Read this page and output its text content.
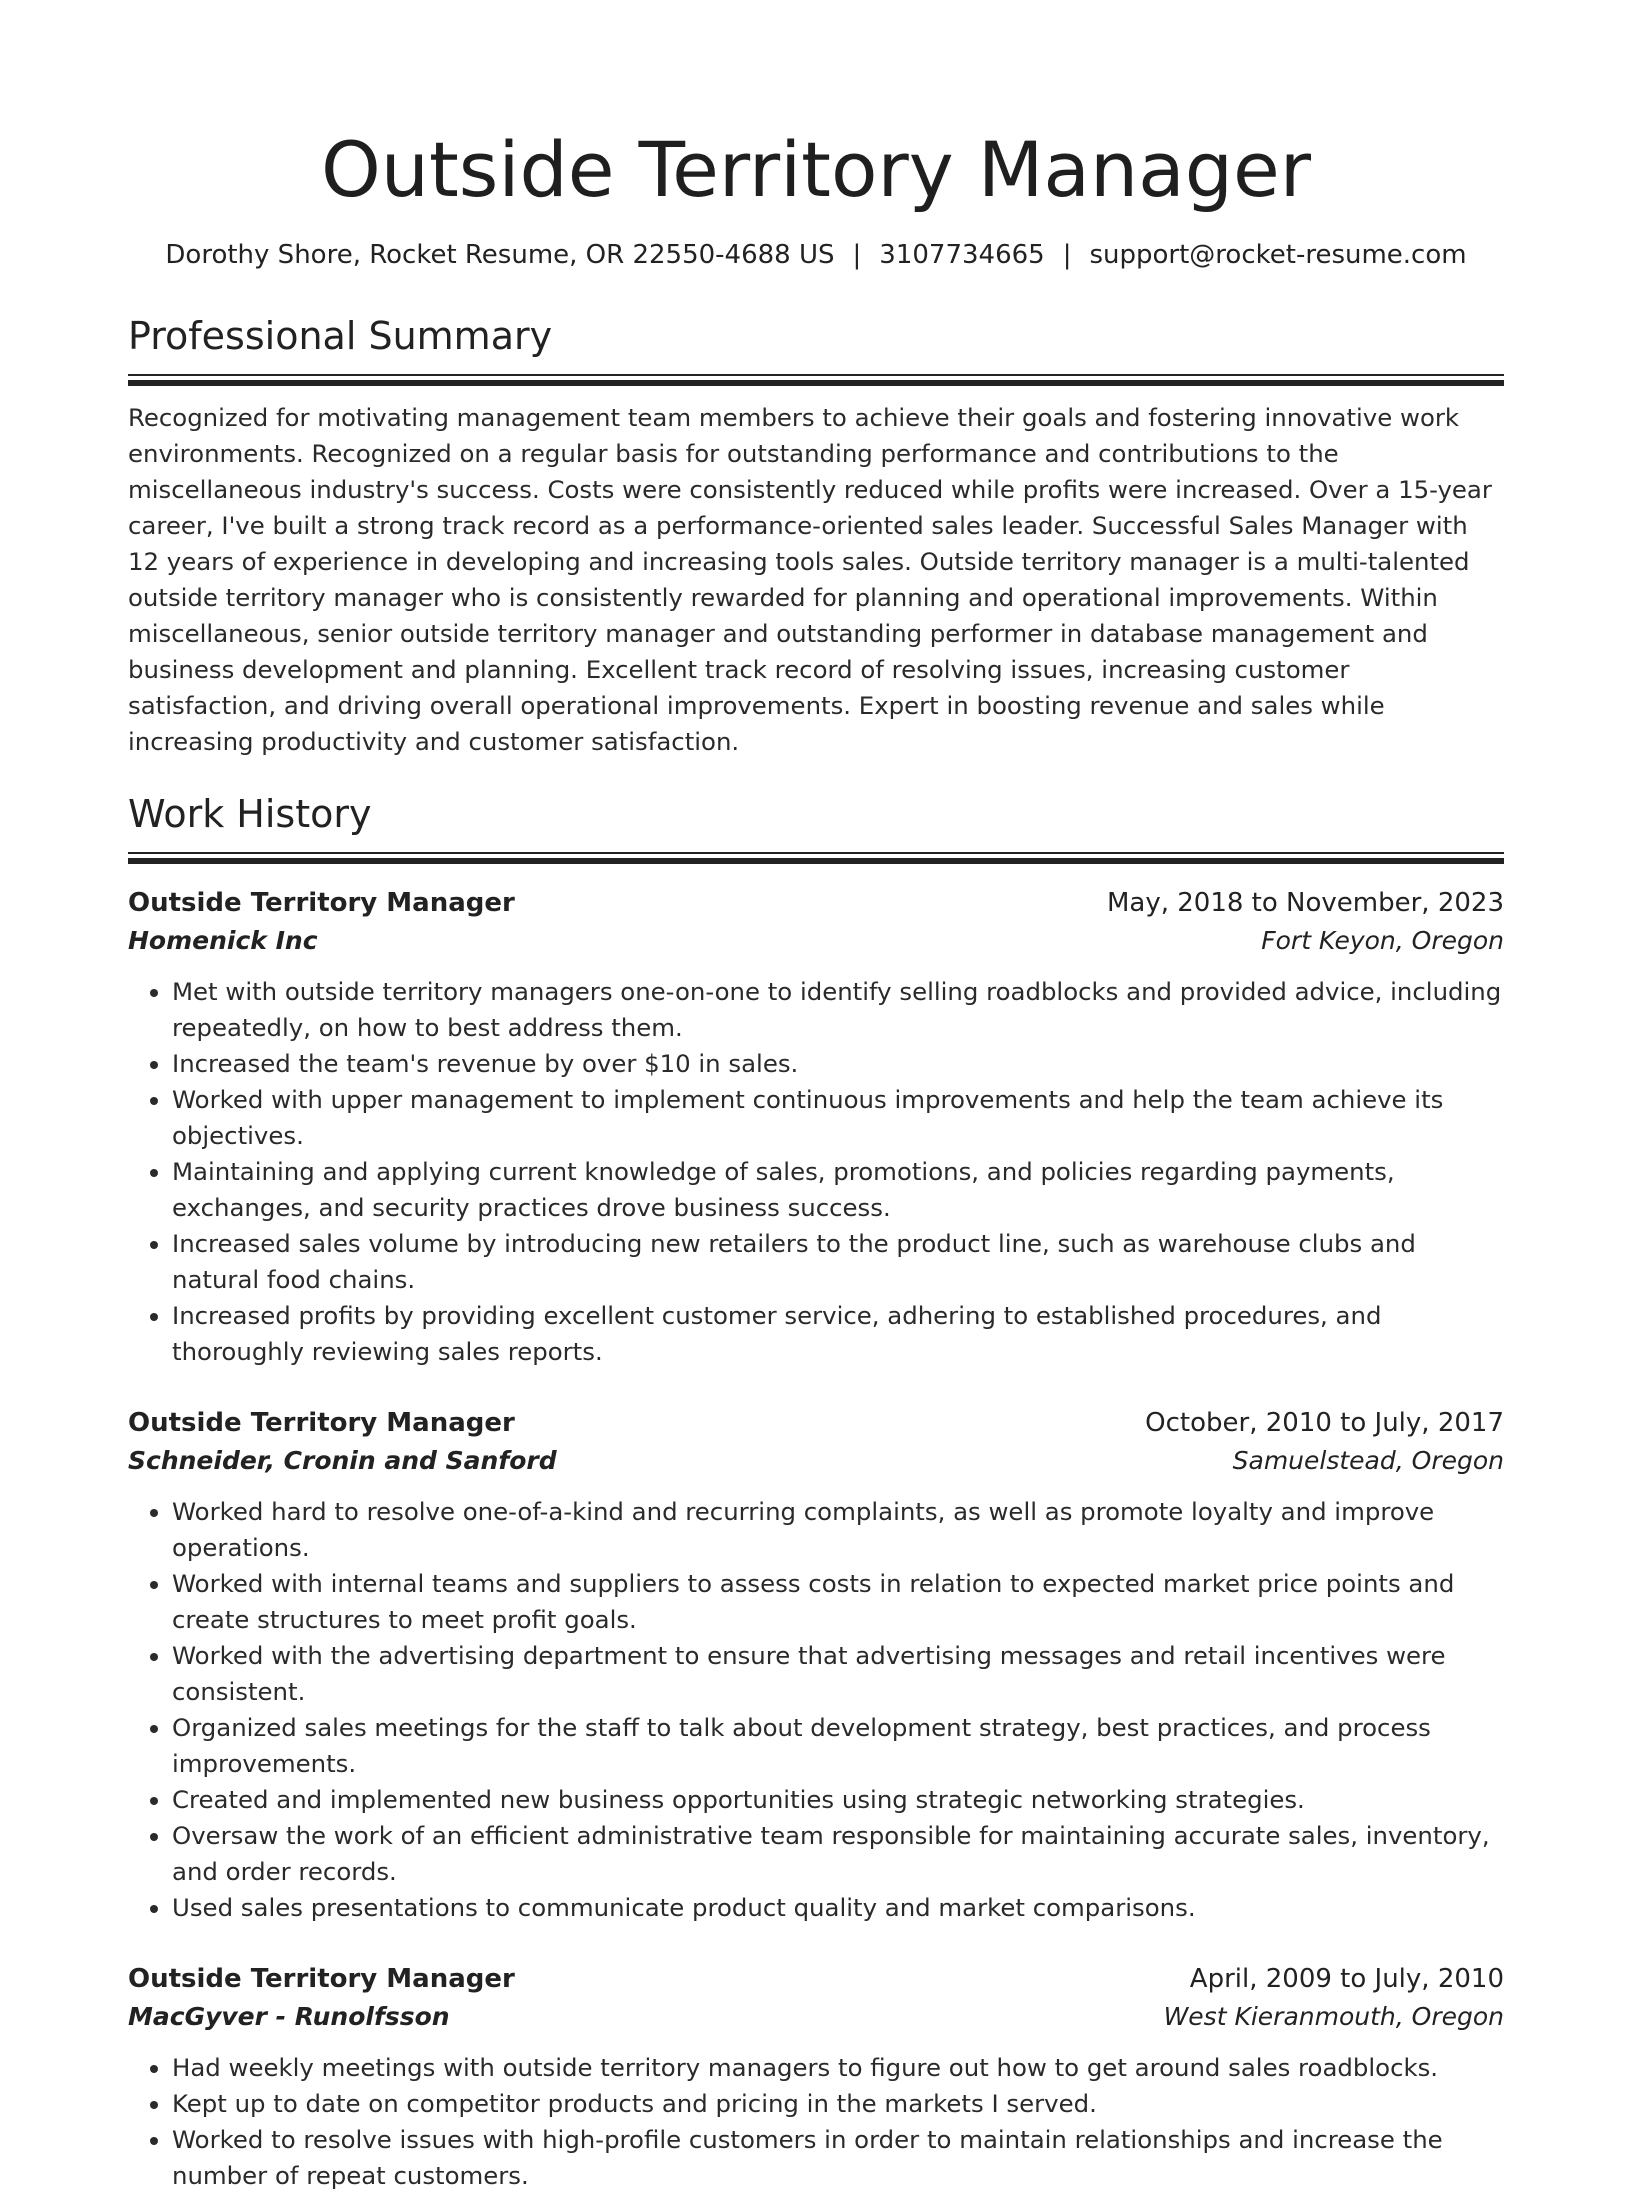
Outside Territory Manager
Dorothy Shore, Rocket Resume, OR 22550-4688 US | 3107734665 | support@rocket-resume.com
Professional Summary

Recognized for motivating management team members to achieve their goals and fostering innovative work environments. Recognized on a regular basis for outstanding performance and contributions to the miscellaneous industry's success. Costs were consistently reduced while profits were increased. Over a 15-year career, I've built a strong track record as a performance-oriented sales leader. Successful Sales Manager with 12 years of experience in developing and increasing tools sales. Outside territory manager is a multi-talented outside territory manager who is consistently rewarded for planning and operational improvements. Within miscellaneous, senior outside territory manager and outstanding performer in database management and business development and planning. Excellent track record of resolving issues, increasing customer satisfaction, and driving overall operational improvements. Expert in boosting revenue and sales while increasing productivity and customer satisfaction.

Work History
Outside Territory Manager	May, 2018 to November, 2023
Homenick Inc	Fort Keyon, Oregon
• Met with outside territory managers one-on-one to identify selling roadblocks and provided advice, including repeatedly, on how to best address them.
• Increased the team's revenue by over $10 in sales.
• Worked with upper management to implement continuous improvements and help the team achieve its objectives.
• Maintaining and applying current knowledge of sales, promotions, and policies regarding payments, exchanges, and security practices drove business success.
• Increased sales volume by introducing new retailers to the product line, such as warehouse clubs and natural food chains.
• Increased profits by providing excellent customer service, adhering to established procedures, and thoroughly reviewing sales reports.
Outside Territory Manager	October, 2010 to July, 2017
Schneider, Cronin and Sanford	Samuelstead, Oregon
• Worked hard to resolve one-of-a-kind and recurring complaints, as well as promote loyalty and improve operations.
• Worked with internal teams and suppliers to assess costs in relation to expected market price points and create structures to meet profit goals.
• Worked with the advertising department to ensure that advertising messages and retail incentives were consistent.
• Organized sales meetings for the staff to talk about development strategy, best practices, and process improvements.
• Created and implemented new business opportunities using strategic networking strategies.
• Oversaw the work of an efficient administrative team responsible for maintaining accurate sales, inventory, and order records.
• Used sales presentations to communicate product quality and market comparisons.
Outside Territory Manager	April, 2009 to July, 2010
MacGyver - Runolfsson	West Kieranmouth, Oregon
• Had weekly meetings with outside territory managers to figure out how to get around sales roadblocks.
• Kept up to date on competitor products and pricing in the markets I served.
• Worked to resolve issues with high-profile customers in order to maintain relationships and increase the number of repeat customers.
